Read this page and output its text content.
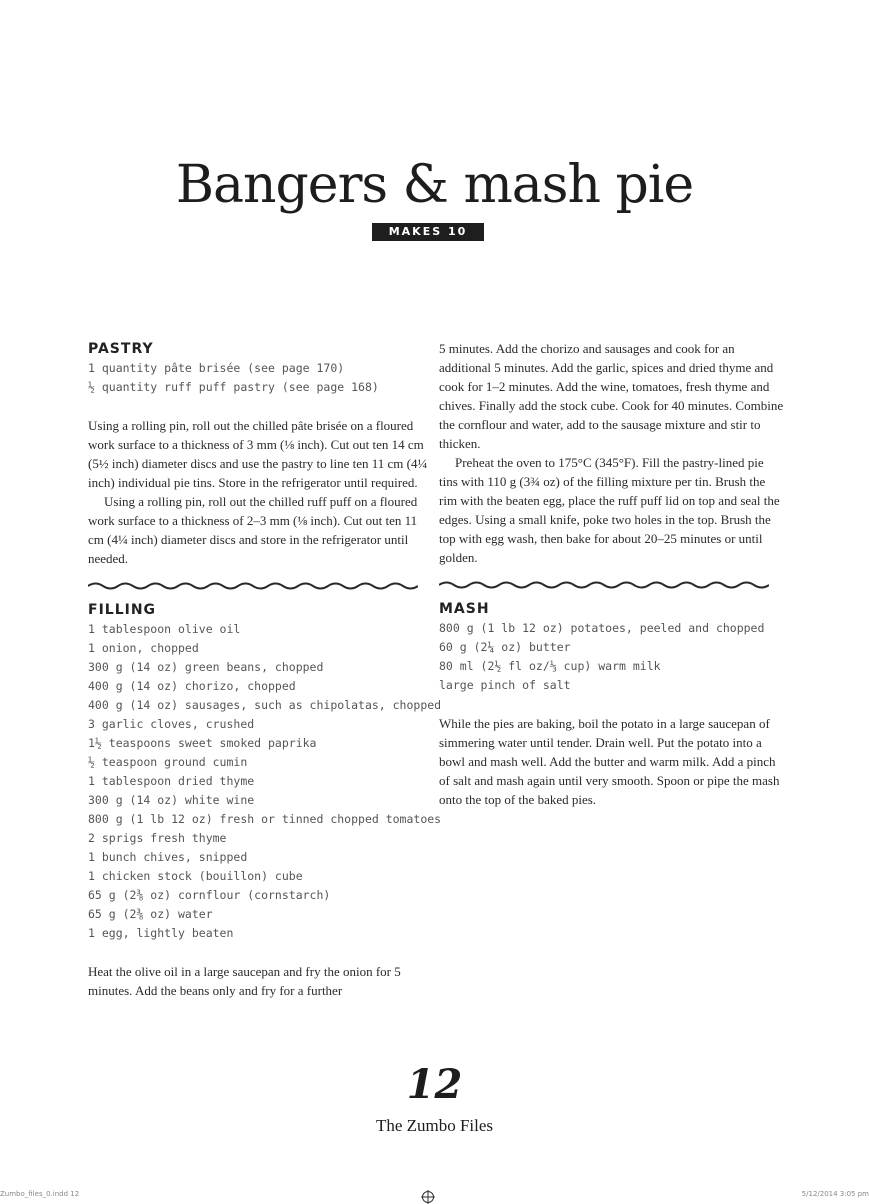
Bangers & mash pie
MAKES 10
PASTRY
1 quantity pâte brisée (see page 170)
½ quantity ruff puff pastry (see page 168)

Using a rolling pin, roll out the chilled pâte brisée on a floured work surface to a thickness of 3 mm (⅛ inch). Cut out ten 14 cm (5½ inch) diameter discs and use the pastry to line ten 11 cm (4¼ inch) individual pie tins. Store in the refrigerator until required.

Using a rolling pin, roll out the chilled ruff puff on a floured work surface to a thickness of 2–3 mm (⅛ inch). Cut out ten 11 cm (4¼ inch) diameter discs and store in the refrigerator until needed.

FILLING
1 tablespoon olive oil
1 onion, chopped
300 g (14 oz) green beans, chopped
400 g (14 oz) chorizo, chopped
400 g (14 oz) sausages, such as chipolatas, chopped
3 garlic cloves, crushed
1½ teaspoons sweet smoked paprika
½ teaspoon ground cumin
1 tablespoon dried thyme
300 g (14 oz) white wine
800 g (1 lb 12 oz) fresh or tinned chopped tomatoes
2 sprigs fresh thyme
1 bunch chives, snipped
1 chicken stock (bouillon) cube
65 g (2⅜ oz) cornflour (cornstarch)
65 g (2⅜ oz) water
1 egg, lightly beaten

Heat the olive oil in a large saucepan and fry the onion for 5 minutes. Add the beans only and fry for a further

5 minutes. Add the chorizo and sausages and cook for an additional 5 minutes. Add the garlic, spices and dried thyme and cook for 1–2 minutes. Add the wine, tomatoes, fresh thyme and chives. Finally add the stock cube. Cook for 40 minutes. Combine the cornflour and water, add to the sausage mixture and stir to thicken.

Preheat the oven to 175°C (345°F). Fill the pastry-lined pie tins with 110 g (3¾ oz) of the filling mixture per tin. Brush the rim with the beaten egg, place the ruff puff lid on top and seal the edges. Using a small knife, poke two holes in the top. Brush the top with egg wash, then bake for about 20–25 minutes or until golden.

MASH
800 g (1 lb 12 oz) potatoes, peeled and chopped
60 g (2¼ oz) butter
80 ml (2½ fl oz/⅓ cup) warm milk
large pinch of salt

While the pies are baking, boil the potato in a large saucepan of simmering water until tender. Drain well. Put the potato into a bowl and mash well. Add the butter and warm milk. Add a pinch of salt and mash again until very smooth. Spoon or pipe the mash onto the top of the baked pies.

12
The Zumbo Files
Zumbo_files_0.indd 12	5/12/2014 3:05 pm
